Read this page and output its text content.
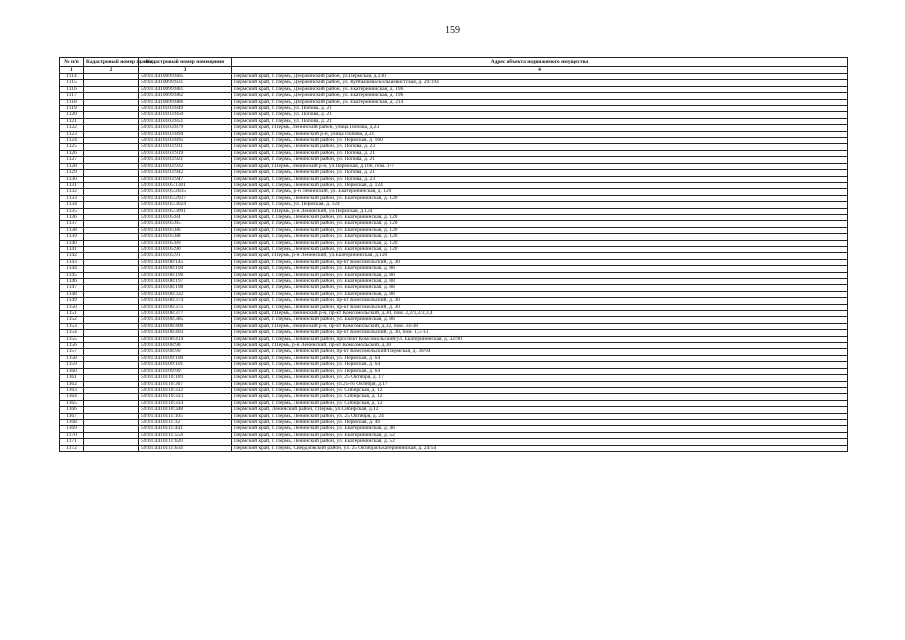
159
№ п/п	Кадастровый номер здания	Кадастровый номер помещения	Адрес объекта недвижимого имущества
1	2	3	4
1114		59:01:4410099:805	Пермский край, г. Пермь, Дзержинский район, ул.Пермская, д.230
1115		59:01:4410099:831	Пермский край, г. Пермь, Дзержинский район, ул. Куйбышева/Большевистская, д. 29/194
1116		59:01:4410099:881	Пермский край, г. Пермь, Дзержинский район, ул. Екатерининская, д. 196
1117		59:01:4410099:882	Пермский край, г. Пермь, Дзержинский район, ул. Екатерининская, д. 196
1118		59:01:4410099:886	Пермский край, г. Пермь, Дзержинский район, ул. Екатерининская, д. 214
1119		59:01:4410103:849	Пермский край, г. Пермь, ул. Попова, д. 21
1120		59:01:4410103:850	Пермский край, г. Пермь, ул. Попова, д. 21
1121		59:01:4410103:851	Пермский край, г. Пермь, ул. Попова, д. 21
1122		59:01:4410103:879	Пермский край, г.Пермь, Ленинский район, улица Попова, д.23
1123		59:01:4410103:894	Пермский край, г. Пермь, Ленинский р-н, улица Попова, д.21
1124		59:01:4410103:895	Пермский край, г. Пермь, Ленинский район, ул. Пермская, д. 160
1125		59:01:4410103:911	Пермский край, г. Пермь, Ленинский район, ул. Попова, д. 23
1126		59:01:4410103:919	Пермский край, г. Пермь, Ленинский район, ул. Попова, д. 21
1127		59:01:4410103:921	Пермский край, г. Пермь, Ленинский район, ул. Попова, д. 21
1128		59:01:4410103:932	Пермский край, г.Пермь, Ленинский р-н, ул.Пермская, д.160, пом. 1-7
1129		59:01:4410103:942	Пермский край, г. Пермь, Ленинский район, ул. Попова, д. 21
1130		59:01:4410103:947	Пермский край, г. Пермь, Ленинский район, ул. Попова, д. 23
1131		59:01:4410105:1301	Пермский край, г. Пермь, Ленинский район, ул. Пермская, д. 124
1132		59:01:4410105:2035	Пермский край, г. Пермь, р-н Ленинский, ул. Екатерининская, д. 120
1133		59:01:4410105:2937	Пермский край, г. Пермь, Ленинский район, ул. Екатерининская, д. 120
1134		59:01:4410105:3024	Пермский край, г. Пермь, ул. Пермская, д. 124
1135		59:01:4410105:3091	Пермский край, г.Пермь, р-н Ленинский, ул.Пермская, д.124
1136		59:01:4410105:84	Пермский край, г. Пермь, Ленинский район, ул. Екатерининская, д. 120
1137		59:01:4410105:85	Пермский край, г. Пермь, Ленинский район, ул. Екатерининская, д. 120
1138		59:01:4410105:86	Пермский край, г. Пермь, Ленинский район, ул. Екатерининская, д. 120
1139		59:01:4410105:88	Пермский край, г. Пермь, Ленинский район, ул. Екатерининская, д. 120
1140		59:01:4410105:89	Пермский край, г. Пермь, Ленинский район, ул. Екатерининская, д. 120
1141		59:01:4410105:90	Пермский край, г. Пермь, Ленинский район, ул. Екатерининская, д. 120
1142		59:01:4410105:91	Пермский край, г.Пермь, р-н Ленинский, ул.Екатерининская, д.120
1143		59:01:4410108:145	Пермский край, г. Пермь, Ленинский район, пр-кт Комсомольский, д. 30
1144		59:01:4410108:194	Пермский край, г. Пермь, Ленинский район, ул. Екатерининская, д. 88
1145		59:01:4410108:196	Пермский край, г. Пермь, Ленинский район, ул. Екатерининская, д. 88
1146		59:01:4410108:197	Пермский край, г. Пермь, Ленинский район, ул. Екатерининская, д. 88
1147		59:01:4410108:198	Пермский край, г. Пермь, Ленинский район, ул. Екатерининская, д. 88
1148		59:01:4410108:332	Пермский край, г. Пермь, Ленинский район, ул. Екатерининская, д. 88
1149		59:01:4410108:374	Пермский край, г. Пермь, Ленинский район, пр-кт Комсомольский, д. 30
1150		59:01:4410108:375	Пермский край, г. Пермь, Ленинский район, пр-кт Комсомольский, д. 30
1151		59:01:4410108:377	Пермский край, г.Пермь, Ленинский р-н, пр-кт Комсомольский, д.30, пом. 2,2/1,2/2,3,4
1152		59:01:4410108:385	Пермский край, г. Пермь, Ленинский район, ул. Екатерининская, д. 88
1153		59:01:4410108:400	Пермский край, г.Пермь, Ленинский р-н, пр-кт Комсомольский, д.32, пом. 34-38
1154		59:01:4410108:403	Пермский край, г. Пермь, Ленинский район, пр-кт Комсомольский, д. 30, пом. 1,5-13
1155		59:01:4410108:414	Пермский край, г. Пермь, Ленинский район, проспект Комсомольский/ул. Екатерининская, д. 32/90
1156		59:01:4410108:98	Пермский край, г.Пермь, р-н Ленинский, пр-кт Комсомольский, д.30
1157		59:01:4410108:99	Пермский край, г. Пермь, Ленинский район, пр-кт Комсомольский/Пермская, д. 30/94
1158		59:01:4410109:100	Пермский край, г. Пермь, Ленинский район, ул. Пермская, д. 64
1159		59:01:4410109:101	Пермский край, г. Пермь, Ленинский район, ул. Пермская, д. 64
1160		59:01:4410109:99	Пермский край, г. Пермь, Ленинский район, ул. Пермская, д. 64
1161		59:01:4410110:169	Пермский край, г. Пермь, Ленинский район, ул. 25 Октября, д. 17
1162		59:01:4410110:307	Пермский край, г. Пермь, Ленинский район, ул.25-го Октября, д.17
1163		59:01:4410110:332	Пермский край, г. Пермь, Ленинский район, ул. Сибирская, д. 12
1164		59:01:4410110:333	Пермский край, г. Пермь, Ленинский район, ул. Сибирская, д. 12
1165		59:01:4410110:334	Пермский край, г. Пермь, Ленинский район, ул. Сибирская, д. 12
1166		59:01:4410110:348	Пермский край, Ленинский район, г.Пермь, ул.Сибирская, д.12
1167		59:01:4410111:105	Пермский край, г. Пермь, Ленинский район, ул. 25 Октября, д. 24
1168		59:01:4410111:32	Пермский край, г. Пермь, Ленинский район, ул. Пермская, д. 46
1169		59:01:4410111:441	Пермский край, г. Пермь, Ленинский район, ул. Екатерининская, д. 48
1170		59:01:4410111:554	Пермский край, г. Пермь, Ленинский район, ул. Екатерининская, д. 52
1171		59:01:4410111:620	Пермский край, г. Пермь, Ленинский район, ул. Екатерининская, д. 52
1172		59:01:4410111:634	Пермский край, г. Пермь, Свердловский район, ул. 25 Октября/Екатерининская, д. 24/54
